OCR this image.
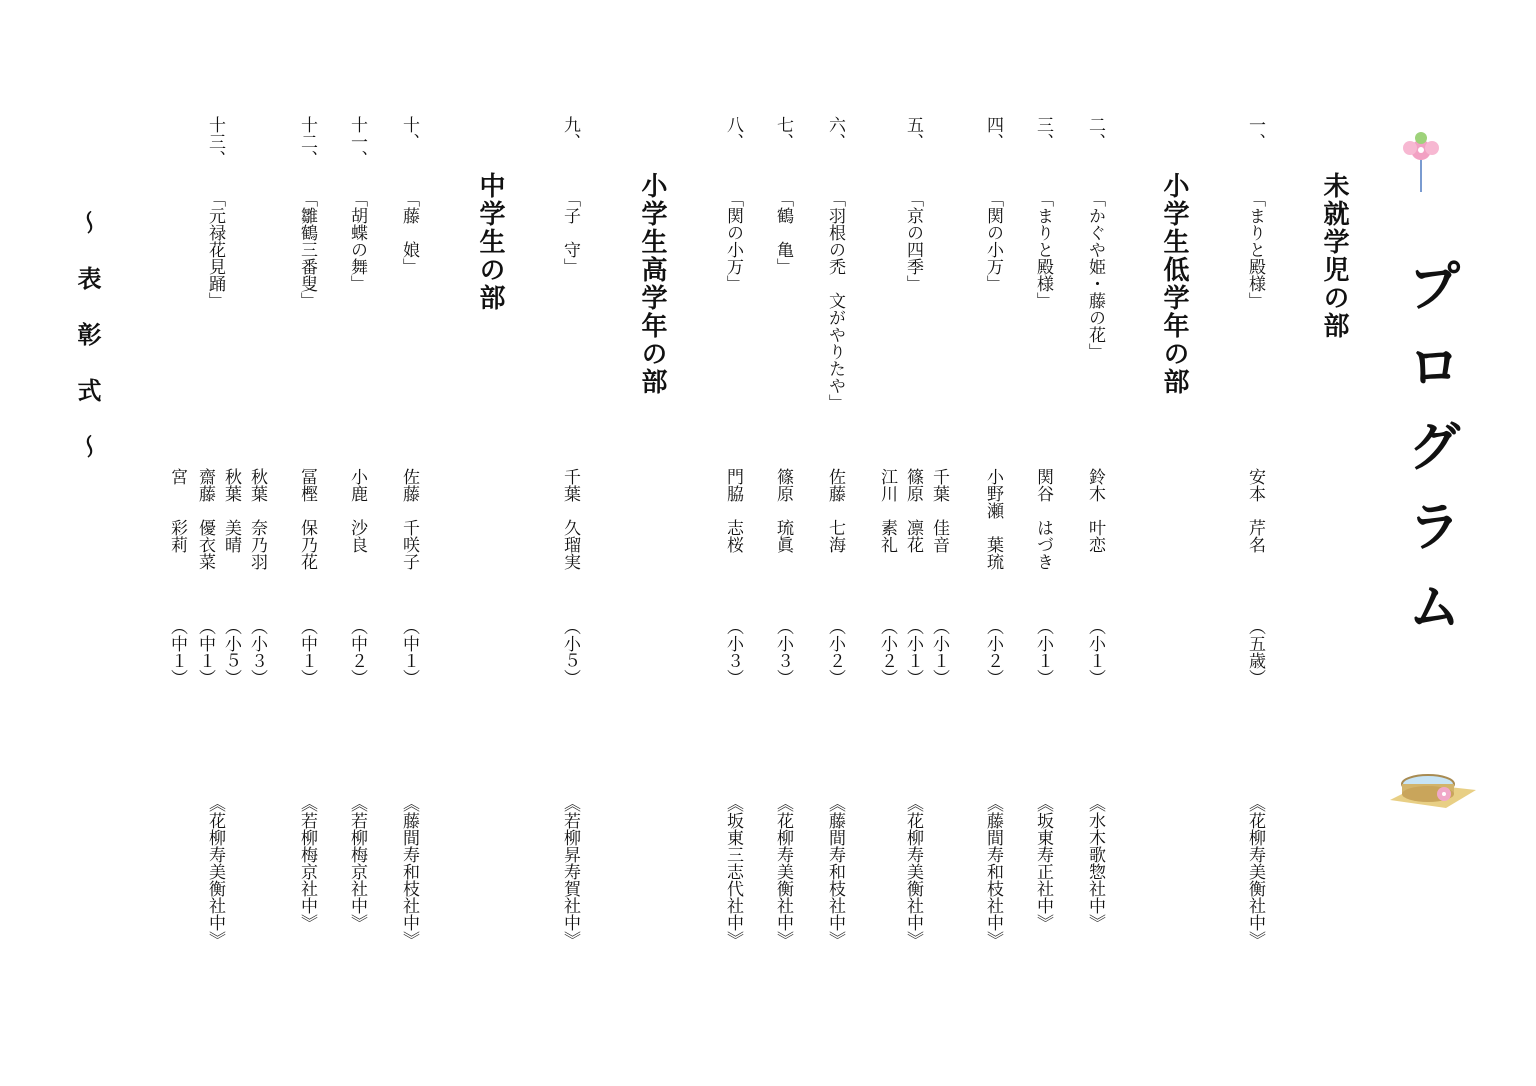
プログラム
未就学児の部
小学生低学年の部
小学生高学年の部
中学生の部
一、
「まりと殿様」
安本　芹名
（五歳）
《花柳寿美衡社中》
二、
「かぐや姫・藤の花」
鈴木　叶恋
（小１）
《水木歌惣社中》
三、
「まりと殿様」
関谷　はづき
（小１）
《坂東寿正社中》
四、
「関の小万」
小野瀬　葉琉
（小２）
《藤間寿和枝社中》
五、
「京の四季」
千葉　佳音
篠原　凛花
江川　素礼
（小１）
（小１）
（小２）
《花柳寿美衡社中》
六、
「羽根の禿　文がやりたや」
佐藤　七海
（小２）
《藤間寿和枝社中》
七、
「鶴　亀」
篠原　琉眞
（小３）
《花柳寿美衡社中》
八、
「関の小万」
門脇　志桜
（小３）
《坂東三志代社中》
九、
「子　守」
千葉　久瑠実
（小５）
《若柳昇寿賀社中》
十、
「藤　娘」
佐藤　千咲子
（中１）
《藤間寿和枝社中》
十一、
「胡蝶の舞」
小鹿　沙良
（中２）
《若柳梅京社中》
十二、
「雛鶴三番叟」
冨樫　保乃花
（中１）
《若柳梅京社中》
十三、
「元禄花見踊」
秋葉　奈乃羽
秋葉　美晴
齋藤　優衣菜
宮　　彩莉
（小３）
（小５）
（中１）
（中１）
《花柳寿美衡社中》
～　表　彰　式　～
